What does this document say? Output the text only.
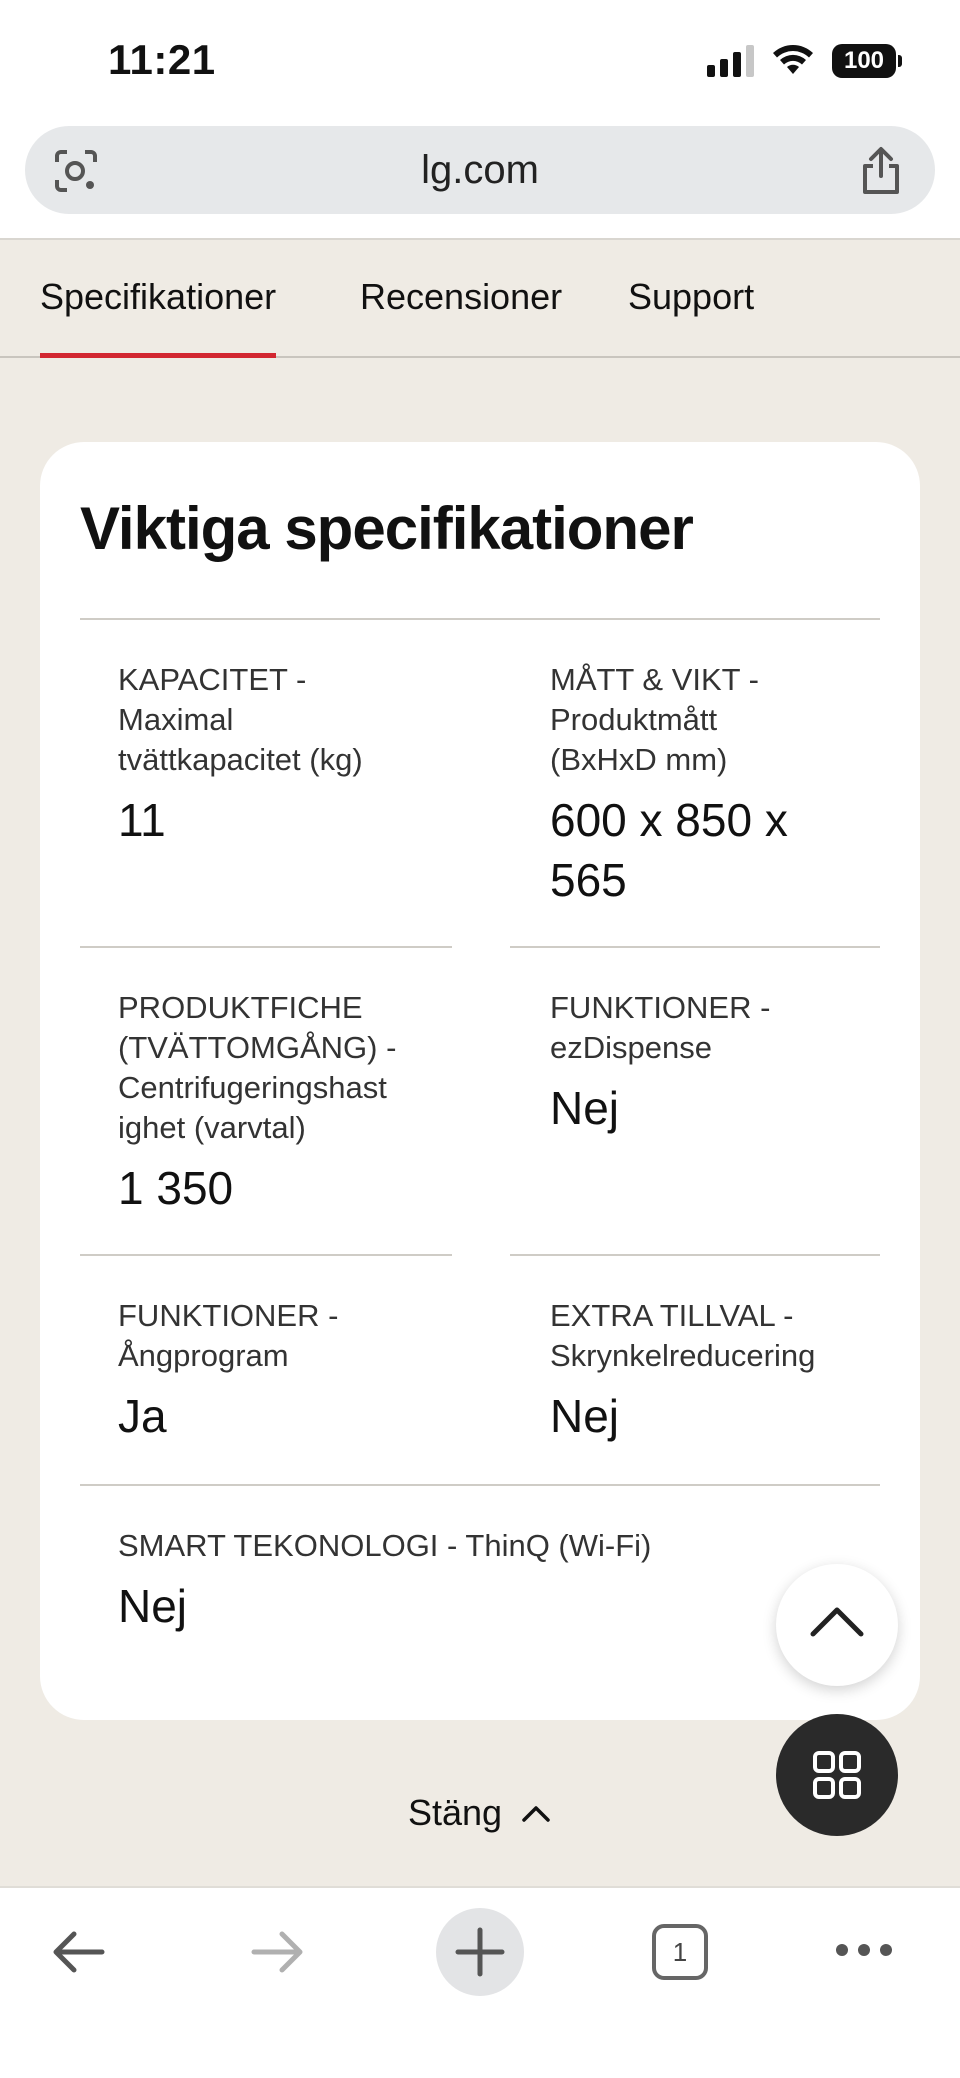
11:21	100
lg.com
Specifikationer Recensioner Support
Viktiga specifikationer
KAPACITET -
Maximal
tvättkapacitet (kg)
11
MÅTT & VIKT -
Produktmått
(BxHxD mm)
600 x 850 x
565
PRODUKTFICHE
(TVÄTTOMGÅNG) -
Centrifugeringshast
ighet (varvtal)
1 350
FUNKTIONER -
ezDispense
Nej
FUNKTIONER -
Ångprogram
Ja
EXTRA TILLVAL -
Skrynkelreducering
Nej
SMART TEKONOLOGI - ThinQ (Wi-Fi)
Nej
Stäng
1
